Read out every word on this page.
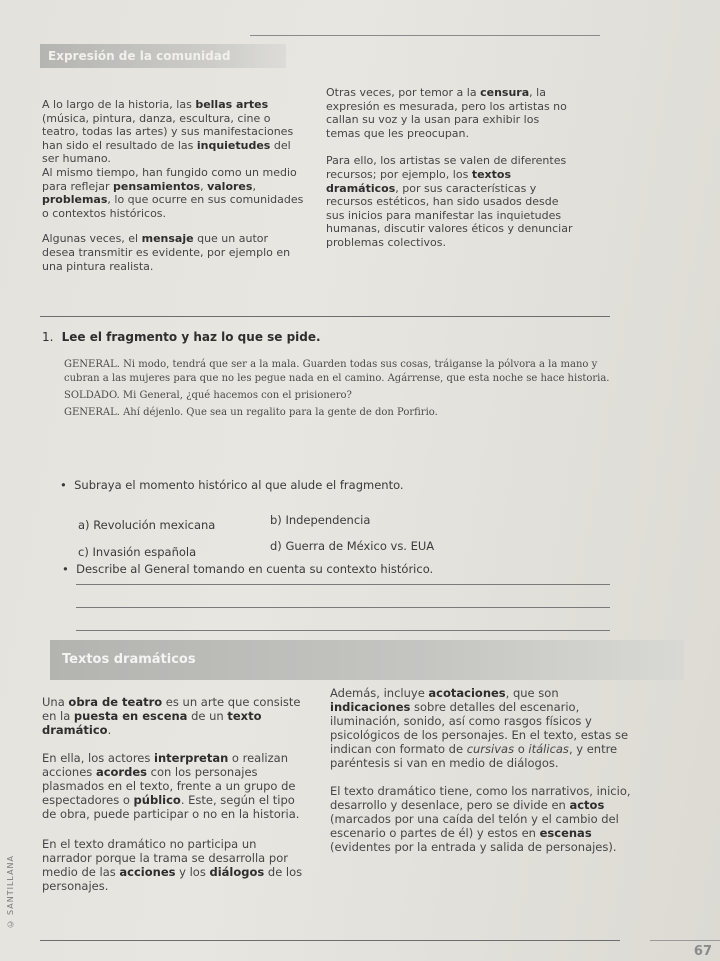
Expresión de la comunidad

A lo largo de la historia, las bellas artes (música, pintura, danza, escultura, cine o teatro, todas las artes) y sus manifestaciones han sido el resultado de las inquietudes del ser humano.

Al mismo tiempo, han fungido como un medio para reflejar pensamientos, valores, problemas, lo que ocurre en sus comunidades o contextos históricos.

Algunas veces, el mensaje que un autor desea transmitir es evidente, por ejemplo en una pintura realista.

Otras veces, por temor a la censura, la expresión es mesurada, pero los artistas no callan su voz y la usan para exhibir los temas que les preocupan.

Para ello, los artistas se valen de diferentes recursos; por ejemplo, los textos dramáticos, por sus características y recursos estéticos, han sido usados desde sus inicios para manifestar las inquietudes humanas, discutir valores éticos y denunciar problemas colectivos.

1. Lee el fragmento y haz lo que se pide.

GENERAL. Ni modo, tendrá que ser a la mala. Guarden todas sus cosas, tráiganse la pólvora a la mano y cubran a las mujeres para que no les pegue nada en el camino. Agárrense, que esta noche se hace historia.

SOLDADO. Mi General, ¿qué hacemos con el prisionero?

GENERAL. Ahí déjenlo. Que sea un regalito para la gente de don Porfirio.

•  Subraya el momento histórico al que alude el fragmento.
a) Revolución mexicana	b) Independencia
c) Invasión española	d) Guerra de México vs. EUA
•  Describe al General tomando en cuenta su contexto histórico.
Textos dramáticos

Una obra de teatro es un arte que consiste en la puesta en escena de un texto dramático.

En ella, los actores interpretan o realizan acciones acordes con los personajes plasmados en el texto, frente a un grupo de espectadores o público. Este, según el tipo de obra, puede participar o no en la historia.

En el texto dramático no participa un narrador porque la trama se desarrolla por medio de las acciones y los diálogos de los personajes.

Además, incluye acotaciones, que son indicaciones sobre detalles del escenario, iluminación, sonido, así como rasgos físicos y psicológicos de los personajes. En el texto, estas se indican con formato de cursivas o itálicas, y entre paréntesis si van en medio de diálogos.

El texto dramático tiene, como los narrativos, inicio, desarrollo y desenlace, pero se divide en actos (marcados por una caída del telón y el cambio del escenario o partes de él) y estos en escenas (evidentes por la entrada y salida de personajes).

© SANTILLANA
67
